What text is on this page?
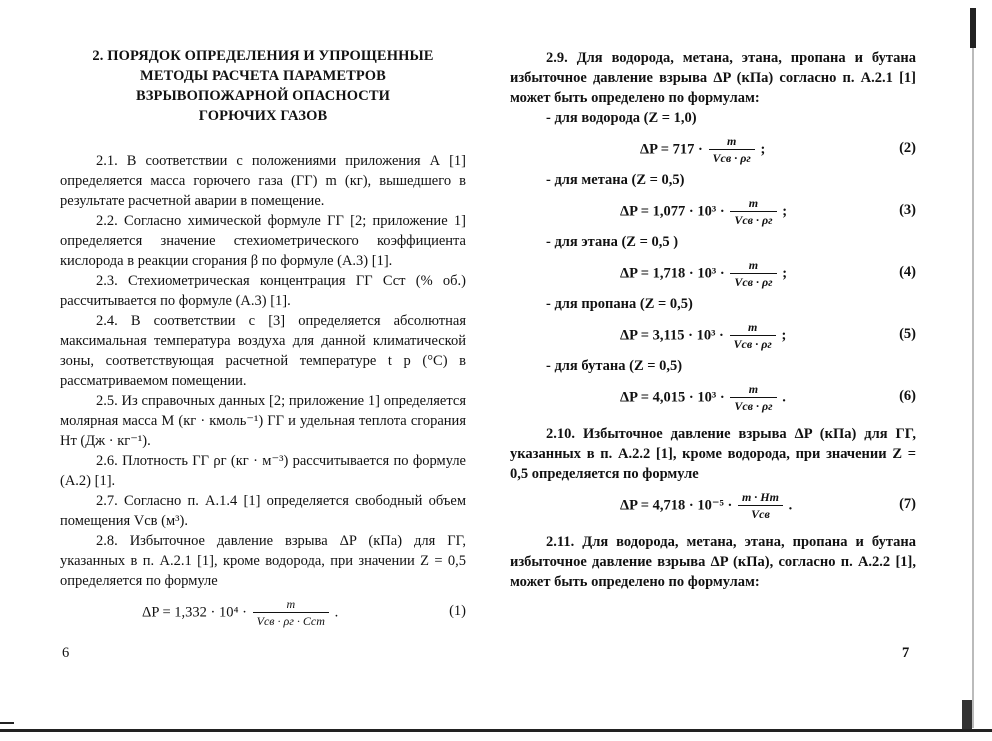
2. ПОРЯДОК ОПРЕДЕЛЕНИЯ И УПРОЩЕННЫЕ
МЕТОДЫ РАСЧЕТА ПАРАМЕТРОВ
ВЗРЫВОПОЖАРНОЙ ОПАСНОСТИ
ГОРЮЧИХ ГАЗОВ

2.1. В соответствии с положениями приложения А [1] определяется масса горючего газа (ГГ) m (кг), вышедшего в результате расчетной аварии в помещение.

2.2. Согласно химической формуле ГГ [2; приложение 1] определяется значение стехиометрического коэффициента кислорода в реакции сгорания β по формуле (А.3) [1].

2.3. Стехиометрическая концентрация ГГ Сст (% об.) рассчитывается по формуле (А.3) [1].

2.4. В соответствии с [3] определяется абсолютная максимальная температура воздуха для данной климатической зоны, соответствующая расчетной температуре t р (°С) в рассматриваемом помещении.

2.5. Из справочных данных [2; приложение 1] определяется молярная масса M (кг · кмоль⁻¹) ГГ и удельная теплота сгорания Hт (Дж · кг⁻¹).

2.6. Плотность ГГ ρг (кг · м⁻³) рассчитывается по формуле (А.2) [1].

2.7. Согласно п. А.1.4 [1] определяется свободный объем помещения Vсв (м³).

2.8. Избыточное давление взрыва ΔP (кПа) для ГГ, указанных в п. А.2.1 [1], кроме водорода, при значении Z = 0,5 определяется по формуле

$\Delta P = 1,332 \cdot 10^4 \cdot \frac{m}{\text{Vсв · ρг · Cст}}$ .	(1)
6

2.9. Для водорода, метана, этана, пропана и бутана избыточное давление взрыва ΔP (кПа) согласно п. А.2.1 [1] может быть определено по формулам:

- для водорода (Z = 1,0)

$\Delta P = 717 \cdot \frac{m}{\text{Vсв · ρг}}$ ;	(2)

- для метана (Z = 0,5)

$\Delta P = 1,077 \cdot 10^3 \cdot \frac{m}{\text{Vсв · ρг}}$ ;	(3)

- для этана (Z = 0,5 )

$\Delta P = 1,718 \cdot 10^3 \cdot \frac{m}{\text{Vсв · ρг}}$ ;	(4)

- для пропана (Z = 0,5)

$\Delta P = 3,115 \cdot 10^3 \cdot \frac{m}{\text{Vсв · ρг}}$ ;	(5)

- для бутана (Z = 0,5)

$\Delta P = 4,015 \cdot 10^3 \cdot \frac{m}{\text{Vсв · ρг}}$ .	(6)

2.10. Избыточное давление взрыва ΔP (кПа) для ГГ, указанных в п. А.2.2 [1], кроме водорода, при значении Z = 0,5 определяется по формуле

$\Delta P = 4,718 \cdot 10^{-5} \cdot \frac{m \cdot Hт}{\text{Vсв}}$ .	(7)

2.11. Для водорода, метана, этана, пропана и бутана избыточное давление взрыва ΔP (кПа), согласно п. А.2.2 [1], может быть определено по формулам:

7
